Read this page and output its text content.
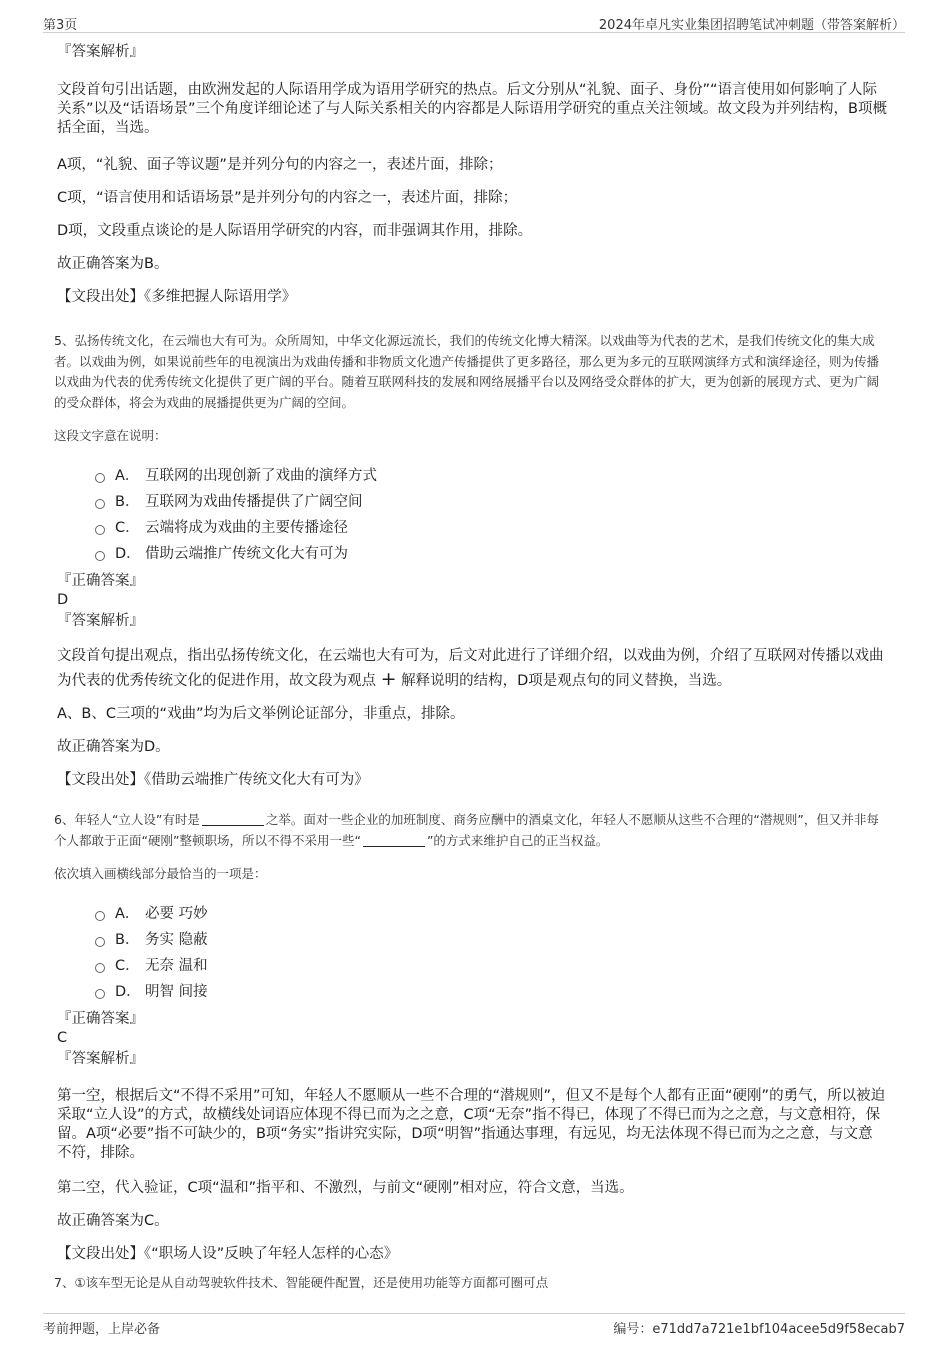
第3页	2024年卓凡实业集团招聘笔试冲刺题（带答案解析）

『答案解析』

文段首句引出话题，由欧洲发起的人际语用学成为语用学研究的热点。后文分别从“礼貌、面子、身份”“语言使用如何影响了人际关系”以及“话语场景”三个角度详细论述了与人际关系相关的内容都是人际语用学研究的重点关注领域。故文段为并列结构，B项概括全面，当选。

A项，“礼貌、面子等议题”是并列分句的内容之一，表述片面，排除；

C项，“语言使用和话语场景”是并列分句的内容之一，表述片面，排除；

D项，文段重点谈论的是人际语用学研究的内容，而非强调其作用，排除。

故正确答案为B。

【文段出处】《多维把握人际语用学》

5、弘扬传统文化，在云端也大有可为。众所周知，中华文化源远流长，我们的传统文化博大精深。以戏曲等为代表的艺术，是我们传统文化的集大成者。以戏曲为例，如果说前些年的电视演出为戏曲传播和非物质文化遗产传播提供了更多路径，那么更为多元的互联网演绎方式和演绎途径，则为传播以戏曲为代表的优秀传统文化提供了更广阔的平台。随着互联网科技的发展和网络展播平台以及网络受众群体的扩大，更为创新的展现方式、更为广阔的受众群体，将会为戏曲的展播提供更为广阔的空间。

这段文字意在说明：

A． 互联网的出现创新了戏曲的演绎方式
B． 互联网为戏曲传播提供了广阔空间
C． 云端将成为戏曲的主要传播途径
D． 借助云端推广传统文化大有可为

『正确答案』

D

『答案解析』

文段首句提出观点，指出弘扬传统文化，在云端也大有可为，后文对此进行了详细介绍，以戏曲为例，介绍了互联网对传播以戏曲为代表的优秀传统文化的促进作用，故文段为观点 + 解释说明的结构，D项是观点句的同义替换，当选。

A、B、C三项的“戏曲”均为后文举例论证部分，非重点，排除。

故正确答案为D。

【文段出处】《借助云端推广传统文化大有可为》

6、年轻人“立人设”有时是	之举。面对一些企业的加班制度、商务应酬中的酒桌文化，年轻人不愿顺从这些不合理的“潜规则”，但又并非每个人都敢于正面“硬刚”整顿职场，所以不得不采用一些“	”的方式来维护自己的正当权益。

依次填入画横线部分最恰当的一项是：

A． 必要 巧妙
B． 务实 隐蔽
C． 无奈 温和
D． 明智 间接

『正确答案』

C

『答案解析』

第一空，根据后文“不得不采用”可知，年轻人不愿顺从一些不合理的“潜规则”，但又不是每个人都有正面“硬刚”的勇气，所以被迫采取“立人设”的方式，故横线处词语应体现不得已而为之之意，C项“无奈”指不得已，体现了不得已而为之之意，与文意相符，保留。A项“必要”指不可缺少的，B项“务实”指讲究实际，D项“明智”指通达事理，有远见，均无法体现不得已而为之之意，与文意不符，排除。

第二空，代入验证，C项“温和”指平和、不激烈，与前文“硬刚”相对应，符合文意，当选。

故正确答案为C。

【文段出处】《“职场人设”反映了年轻人怎样的心态》

7、①该车型无论是从自动驾驶软件技术、智能硬件配置，还是使用功能等方面都可圈可点

考前押题，上岸必备	编号：e71dd7a721e1bf104acee5d9f58ecab7
